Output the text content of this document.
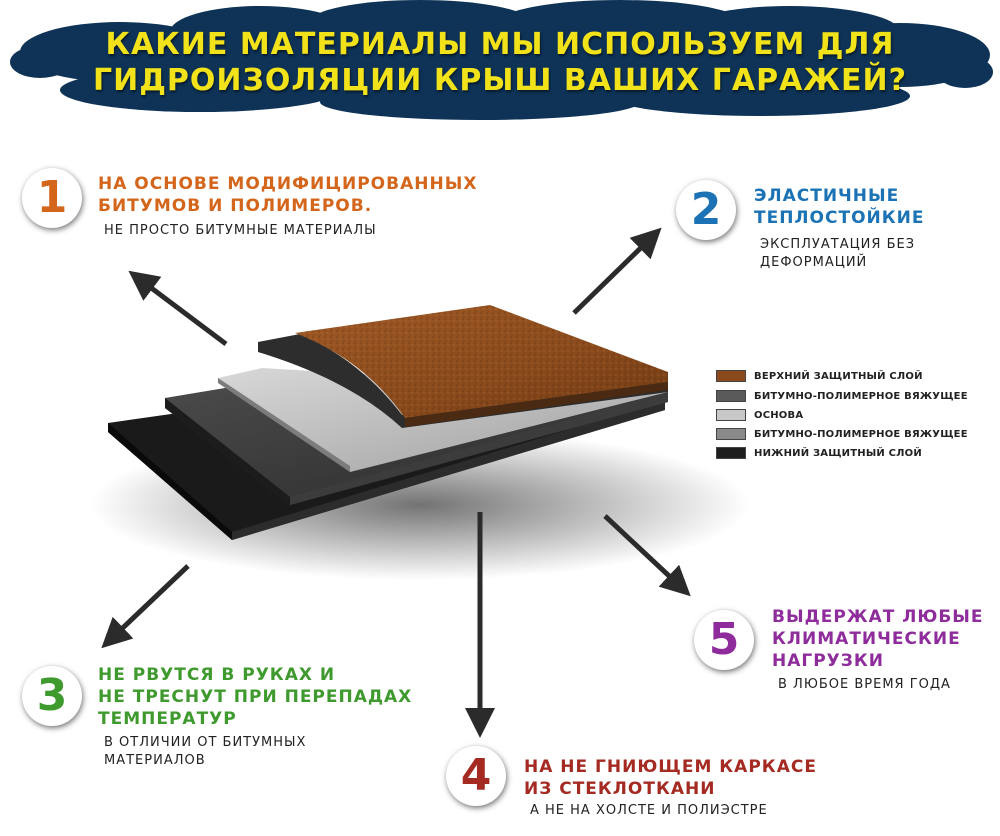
КАКИЕ МАТЕРИАЛЫ МЫ ИСПОЛЬЗУЕМ ДЛЯ
ГИДРОИЗОЛЯЦИИ КРЫШ ВАШИХ ГАРАЖЕЙ?
1 НА ОСНОВЕ МОДИФИЦИРОВАННЫХ
БИТУМОВ И ПОЛИМЕРОВ.
НЕ ПРОСТО БИТУМНЫЕ МАТЕРИАЛЫ	2 ЭЛАСТИЧНЫЕ
ТЕПЛОСТОЙКИЕ
ЭКСПЛУАТАЦИЯ БЕЗ
ДЕФОРМАЦИЙ
3 НЕ РВУТСЯ В РУКАХ И
НЕ ТРЕСНУТ ПРИ ПЕРЕПАДАХ
ТЕМПЕРАТУР
В ОТЛИЧИИ ОТ БИТУМНЫХ
МАТЕРИАЛОВ	4 НА НЕ ГНИЮЩЕМ КАРКАСЕ
ИЗ СТЕКЛОТКАНИ
А НЕ НА ХОЛСТЕ И ПОЛИЭСТРЕ
5 ВЫДЕРЖАТ ЛЮБЫЕ
КЛИМАТИЧЕСКИЕ
НАГРУЗКИ
В ЛЮБОЕ ВРЕМЯ ГОДА
ВЕРХНИЙ ЗАЩИТНЫЙ СЛОЙ
БИТУМНО-ПОЛИМЕРНОЕ ВЯЖУЩЕЕ
ОСНОВА
БИТУМНО-ПОЛИМЕРНОЕ ВЯЖУЩЕЕ
НИЖНИЙ ЗАЩИТНЫЙ СЛОЙ
